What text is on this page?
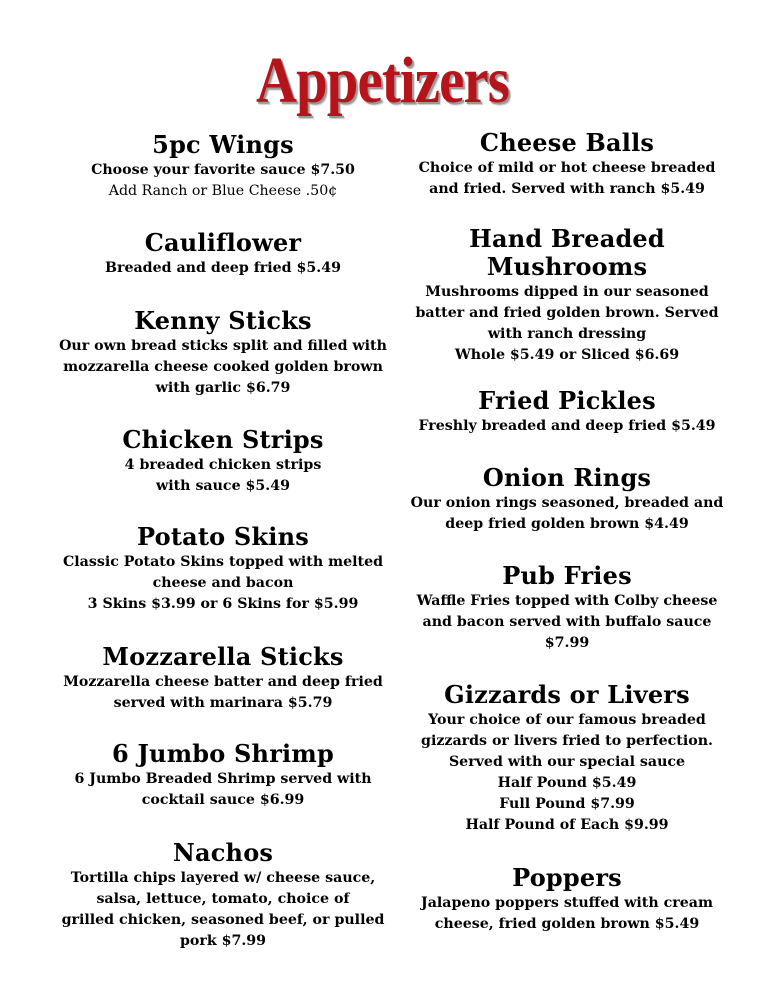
Appetizers
5pc Wings
Choose your favorite sauce $7.50
Add Ranch or Blue Cheese .50¢
Cauliflower
Breaded and deep fried $5.49
Kenny Sticks
Our own bread sticks split and filled with
mozzarella cheese cooked golden brown
with garlic $6.79
Chicken Strips
4 breaded chicken strips
with sauce $5.49
Potato Skins
Classic Potato Skins topped with melted
cheese and bacon
3 Skins $3.99 or 6 Skins for $5.99
Mozzarella Sticks
Mozzarella cheese batter and deep fried
served with marinara $5.79
6 Jumbo Shrimp
6 Jumbo Breaded Shrimp served with
cocktail sauce $6.99
Nachos
Tortilla chips layered w/ cheese sauce,
salsa, lettuce, tomato, choice of
grilled chicken, seasoned beef, or pulled
pork $7.99
Cheese Balls
Choice of mild or hot cheese breaded
and fried. Served with ranch $5.49
Hand Breaded
Mushrooms
Mushrooms dipped in our seasoned
batter and fried golden brown. Served
with ranch dressing
Whole $5.49 or Sliced $6.69
Fried Pickles
Freshly breaded and deep fried $5.49
Onion Rings
Our onion rings seasoned, breaded and
deep fried golden brown $4.49
Pub Fries
Waffle Fries topped with Colby cheese
and bacon served with buffalo sauce
$7.99
Gizzards or Livers
Your choice of our famous breaded
gizzards or livers fried to perfection.
Served with our special sauce
Half Pound $5.49
Full Pound $7.99
Half Pound of Each $9.99
Poppers
Jalapeno poppers stuffed with cream
cheese, fried golden brown $5.49
